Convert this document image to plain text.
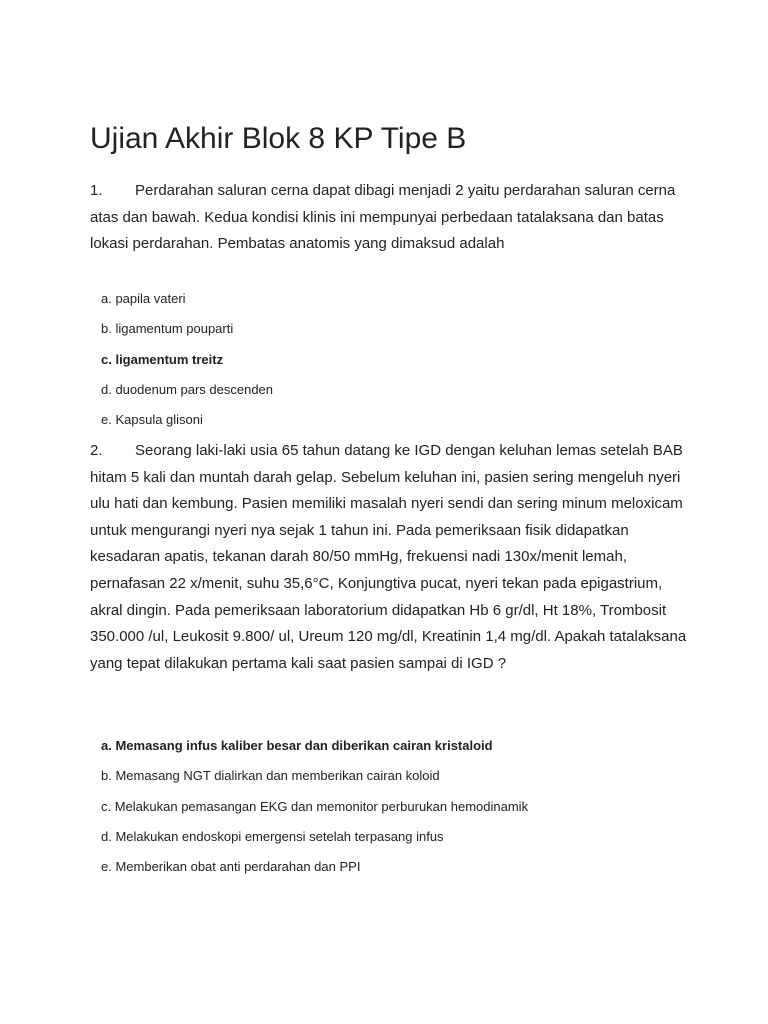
Ujian Akhir Blok 8 KP Tipe B

1. Perdarahan saluran cerna dapat dibagi menjadi 2 yaitu perdarahan saluran cerna atas dan bawah. Kedua kondisi klinis ini mempunyai perbedaan tatalaksana dan batas lokasi perdarahan. Pembatas anatomis yang dimaksud adalah

a. papila vateri
b. ligamentum pouparti
c. ligamentum treitz
d. duodenum pars descenden
e. Kapsula glisoni

2. Seorang laki-laki usia 65 tahun datang ke IGD dengan keluhan lemas setelah BAB hitam 5 kali dan muntah darah gelap. Sebelum keluhan ini, pasien sering mengeluh nyeri ulu hati dan kembung. Pasien memiliki masalah nyeri sendi dan sering minum meloxicam untuk mengurangi nyeri nya sejak 1 tahun ini. Pada pemeriksaan fisik didapatkan kesadaran apatis, tekanan darah 80/50 mmHg, frekuensi nadi 130x/menit lemah, pernafasan 22 x/menit, suhu 35,6°C, Konjungtiva pucat, nyeri tekan pada epigastrium, akral dingin. Pada pemeriksaan laboratorium didapatkan Hb 6 gr/dl, Ht 18%, Trombosit 350.000 /ul, Leukosit 9.800/ ul, Ureum 120 mg/dl, Kreatinin 1,4 mg/dl. Apakah tatalaksana yang tepat dilakukan pertama kali saat pasien sampai di IGD ?

a. Memasang infus kaliber besar dan diberikan cairan kristaloid
b. Memasang NGT dialirkan dan memberikan cairan koloid
c. Melakukan pemasangan EKG dan memonitor perburukan hemodinamik
d. Melakukan endoskopi emergensi setelah terpasang infus
e. Memberikan obat anti perdarahan dan PPI
